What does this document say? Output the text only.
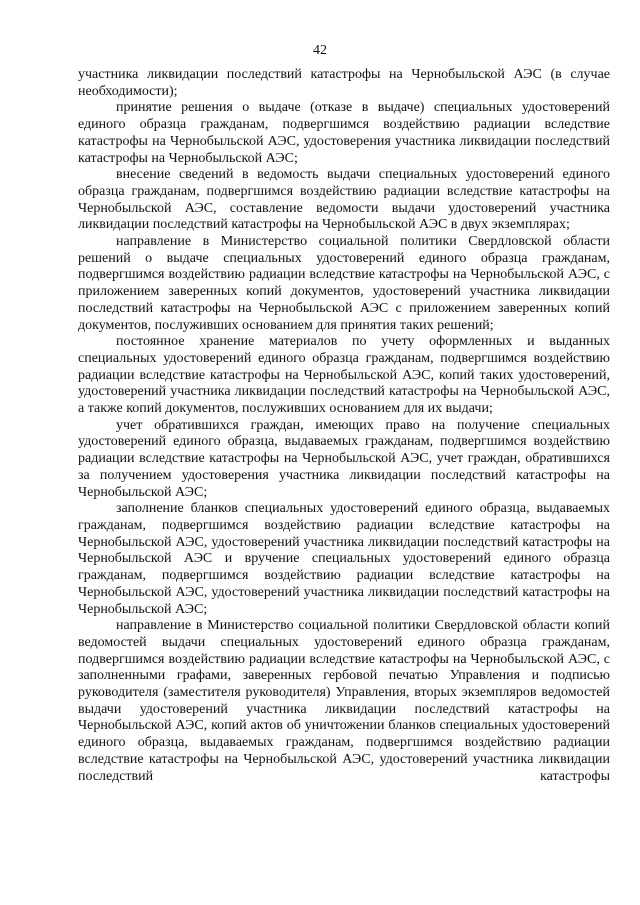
42

участника ликвидации последствий катастрофы на Чернобыльской АЭС (в случае необходимости);

принятие решения о выдаче (отказе в выдаче) специальных удостоверений единого образца гражданам, подвергшимся воздействию радиации вследствие катастрофы на Чернобыльской АЭС, удостоверения участника ликвидации последствий катастрофы на Чернобыльской АЭС;

внесение сведений в ведомость выдачи специальных удостоверений единого образца гражданам, подвергшимся воздействию радиации вследствие катастрофы на Чернобыльской АЭС, составление ведомости выдачи удостоверений участника ликвидации последствий катастрофы на Чернобыльской АЭС в двух экземплярах;

направление в Министерство социальной политики Свердловской области решений о выдаче специальных удостоверений единого образца гражданам, подвергшимся воздействию радиации вследствие катастрофы на Чернобыльской АЭС, с приложением заверенных копий документов, удостоверений участника ликвидации последствий катастрофы на Чернобыльской АЭС с приложением заверенных копий документов, послуживших основанием для принятия таких решений;

постоянное хранение материалов по учету оформленных и выданных специальных удостоверений единого образца гражданам, подвергшимся воздействию радиации вследствие катастрофы на Чернобыльской АЭС, копий таких удостоверений, удостоверений участника ликвидации последствий катастрофы на Чернобыльской АЭС, а также копий документов, послуживших основанием для их выдачи;

учет обратившихся граждан, имеющих право на получение специальных удостоверений единого образца, выдаваемых гражданам, подвергшимся воздействию радиации вследствие катастрофы на Чернобыльской АЭС, учет граждан, обратившихся за получением удостоверения участника ликвидации последствий катастрофы на Чернобыльской АЭС;

заполнение бланков специальных удостоверений единого образца, выдаваемых гражданам, подвергшимся воздействию радиации вследствие катастрофы на Чернобыльской АЭС, удостоверений участника ликвидации последствий катастрофы на Чернобыльской АЭС и вручение специальных удостоверений единого образца гражданам, подвергшимся воздействию радиации вследствие катастрофы на Чернобыльской АЭС, удостоверений участника ликвидации последствий катастрофы на Чернобыльской АЭС;

направление в Министерство социальной политики Свердловской области копий ведомостей выдачи специальных удостоверений единого образца гражданам, подвергшимся воздействию радиации вследствие катастрофы на Чернобыльской АЭС, с заполненными графами, заверенных гербовой печатью Управления и подписью руководителя (заместителя руководителя) Управления, вторых экземпляров ведомостей выдачи удостоверений участника ликвидации последствий катастрофы на Чернобыльской АЭС, копий актов об уничтожении бланков специальных удостоверений единого образца, выдаваемых гражданам, подвергшимся воздействию радиации вследствие катастрофы на Чернобыльской АЭС, удостоверений участника ликвидации последствий катастрофы
